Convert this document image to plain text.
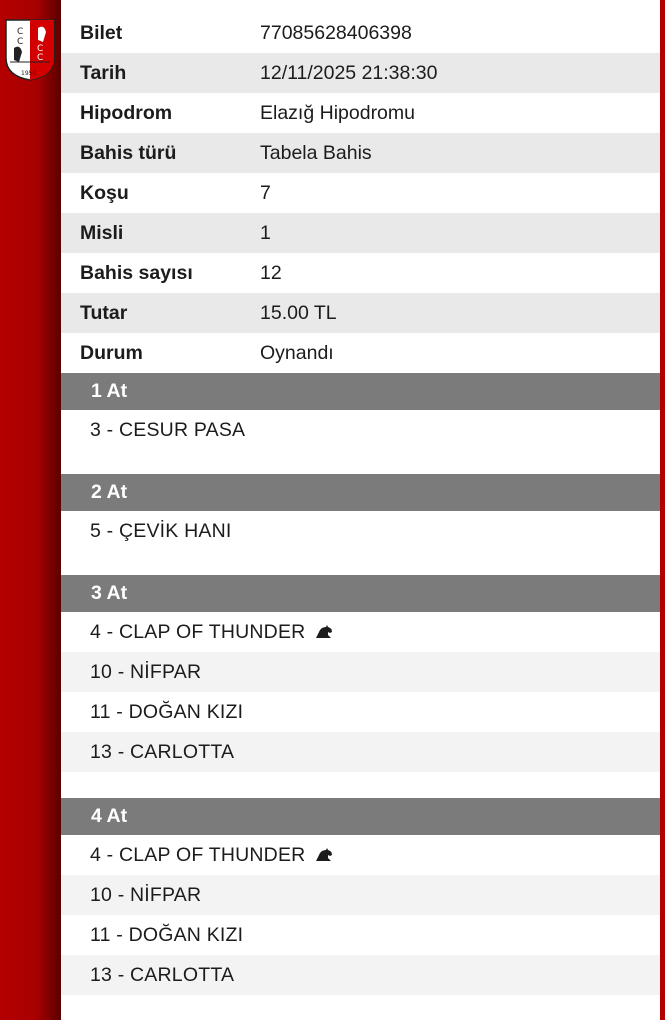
C
C
C
C
1950
Bilet	77085628406398
Tarih	12/11/2025 21:38:30
Hipodrom	Elazığ Hipodromu
Bahis türü	Tabela Bahis
Koşu	7
Misli	1
Bahis sayısı	12
Tutar	15.00 TL
Durum	Oynandı
1 At
3 - CESUR PASA
2 At
5 - ÇEVİK HANI
3 At
4 - CLAP OF THUNDER
10 - NİFPAR
11 - DOĞAN KIZI
13 - CARLOTTA
4 At
4 - CLAP OF THUNDER
10 - NİFPAR
11 - DOĞAN KIZI
13 - CARLOTTA
